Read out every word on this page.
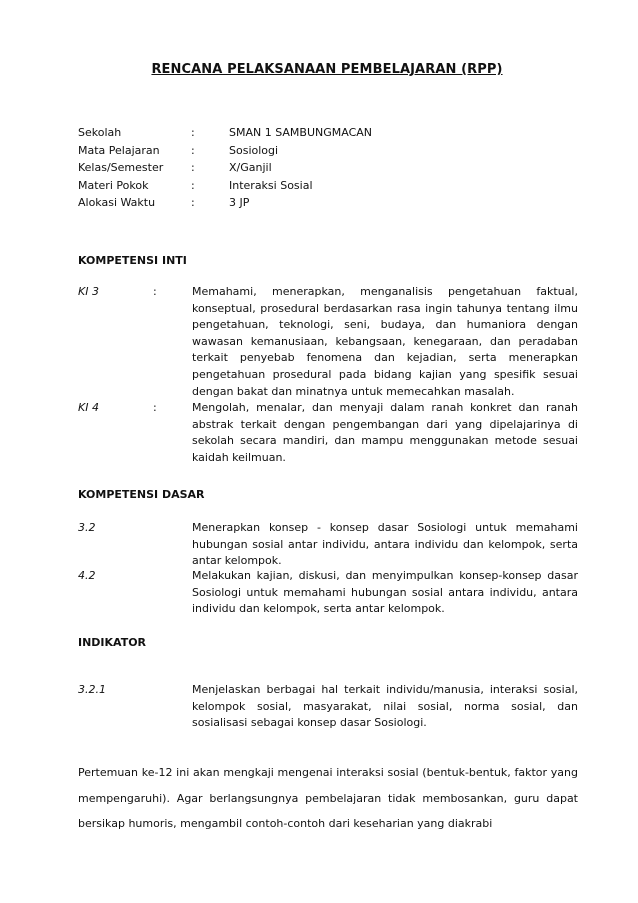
RENCANA PELAKSANAAN PEMBELAJARAN (RPP)
Sekolah	:	SMAN 1 SAMBUNGMACAN
Mata Pelajaran	:	Sosiologi
Kelas/Semester	:	X/Ganjil
Materi Pokok	:	Interaksi Sosial
Alokasi Waktu	:	3 JP
KOMPETENSI INTI
KI 3	:	Memahami, menerapkan, menganalisis pengetahuan faktual, konseptual, prosedural berdasarkan rasa ingin tahunya tentang ilmu pengetahuan, teknologi, seni, budaya, dan humaniora dengan wawasan kemanusiaan, kebangsaan, kenegaraan, dan peradaban terkait penyebab fenomena dan kejadian, serta menerapkan pengetahuan prosedural pada bidang kajian yang spesifik sesuai dengan bakat dan minatnya untuk memecahkan masalah.
KI 4	:	Mengolah, menalar, dan menyaji dalam ranah konkret dan ranah abstrak terkait dengan pengembangan dari yang dipelajarinya di sekolah secara mandiri, dan mampu menggunakan metode sesuai kaidah keilmuan.
KOMPETENSI DASAR
3.2	Menerapkan konsep - konsep dasar Sosiologi untuk memahami hubungan sosial antar individu, antara individu dan kelompok, serta antar kelompok.
4.2	Melakukan kajian, diskusi, dan menyimpulkan konsep-konsep dasar Sosiologi untuk memahami hubungan sosial antara individu, antara individu dan kelompok, serta antar kelompok.
INDIKATOR
3.2.1	Menjelaskan berbagai hal terkait individu/manusia, interaksi sosial, kelompok sosial, masyarakat, nilai sosial, norma sosial, dan sosialisasi sebagai konsep dasar Sosiologi.
Pertemuan ke-12 ini akan mengkaji mengenai interaksi sosial (bentuk-bentuk, faktor yang mempengaruhi). Agar berlangsungnya pembelajaran tidak membosankan, guru dapat bersikap humoris, mengambil contoh-contoh dari keseharian yang diakrabi
